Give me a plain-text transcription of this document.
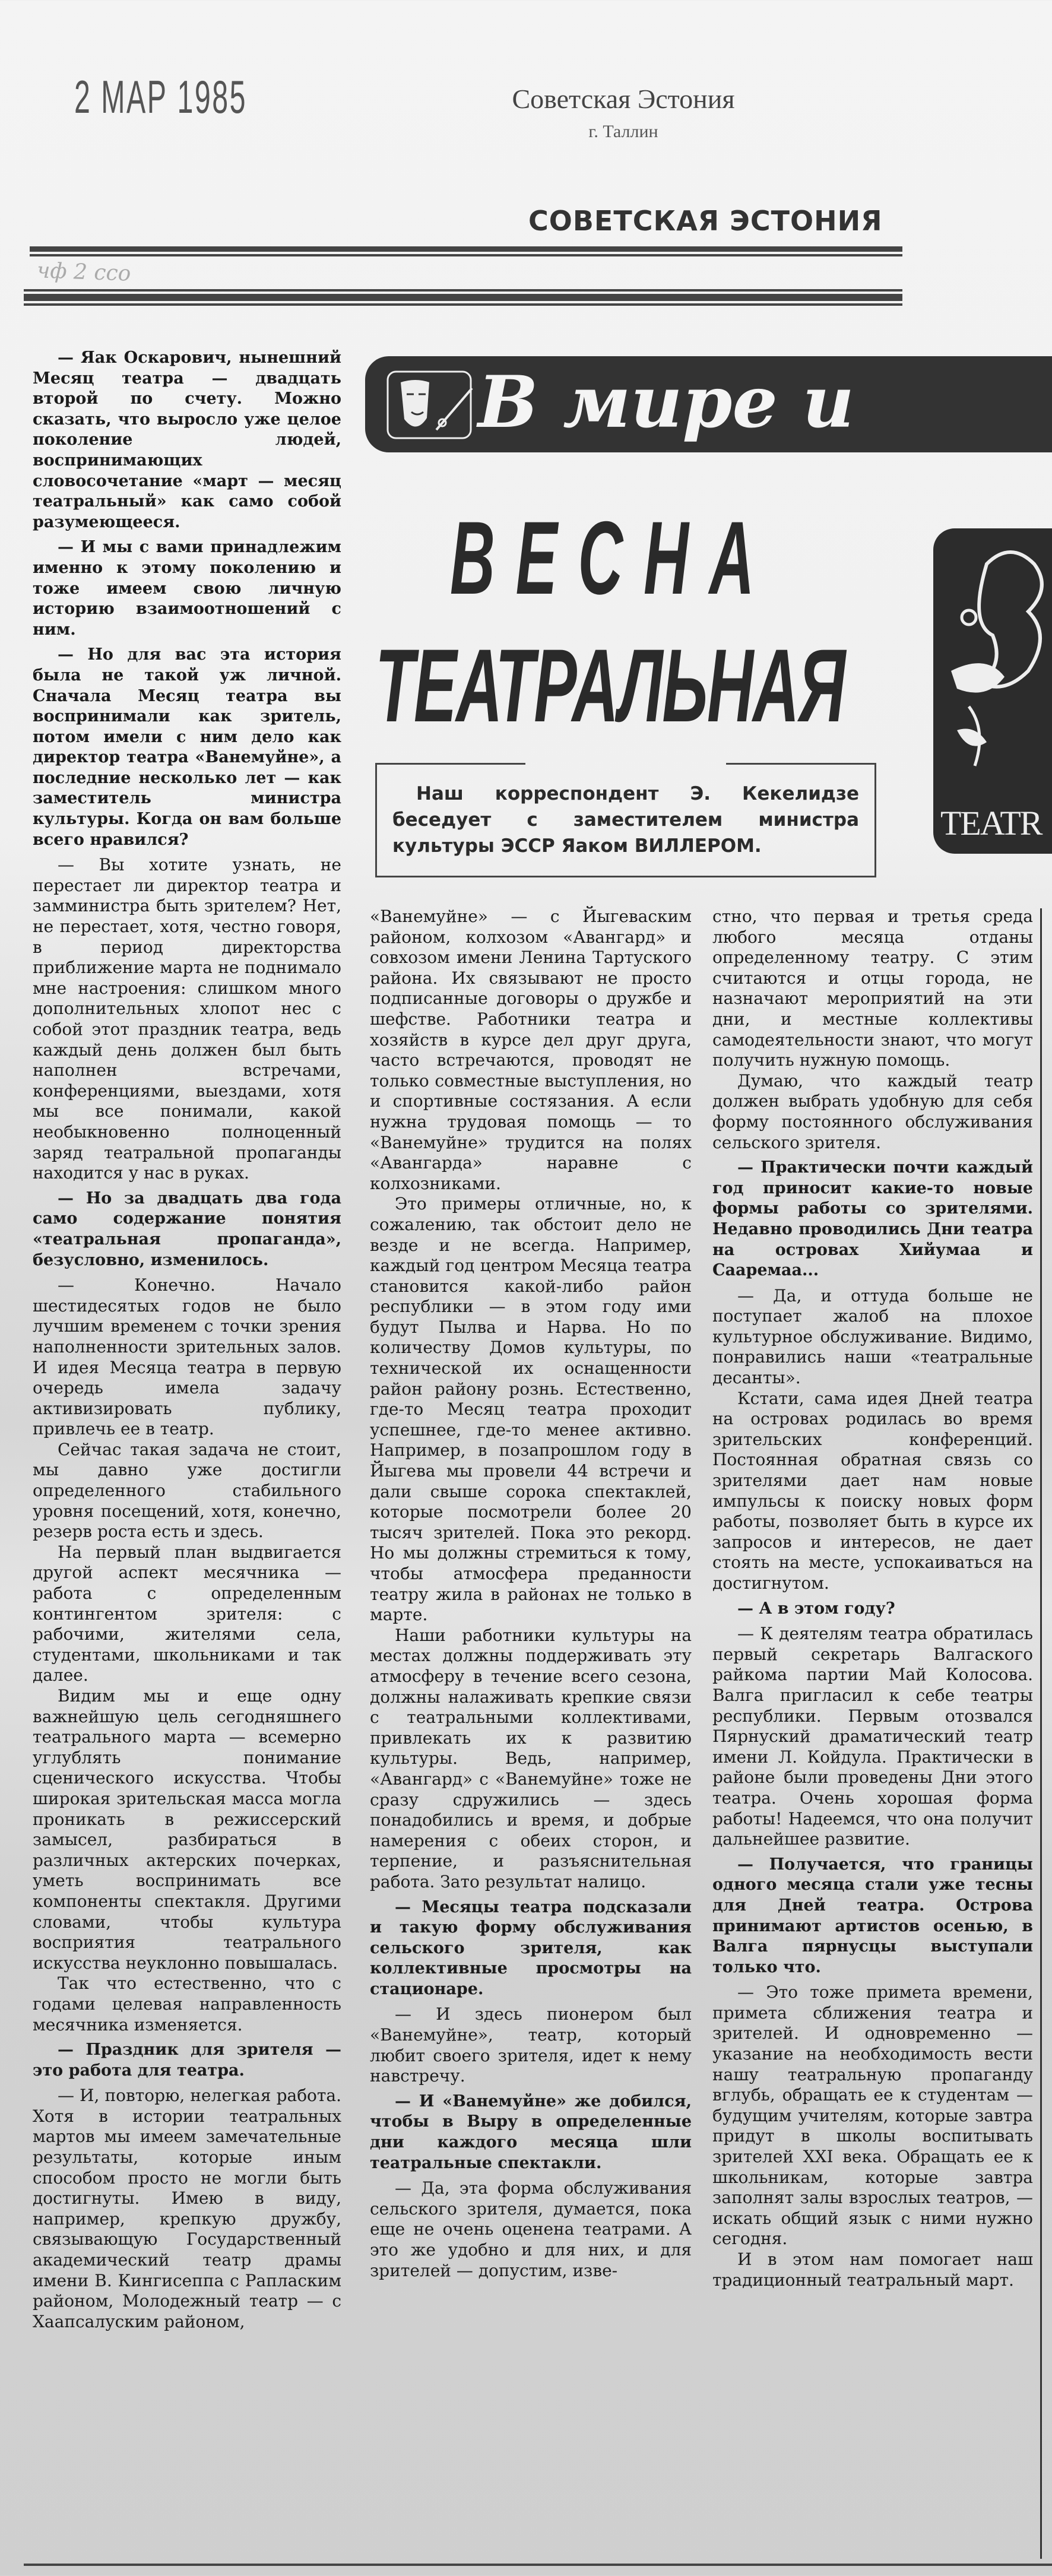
2 МАР 1985	Советская Эстония
г. Таллин
СОВЕТСКАЯ ЭСТОНИЯ
чф 2 ссо
В мире и
ВЕСНА
ТЕАТРАЛЬНАЯ
Наш корреспондент Э. Кекелидзе беседует с заместителем министра культуры ЭССР Яаком ВИЛЛЕРОМ.
TEATR

— Яак Оскарович, нынешний Месяц театра — двадцать второй по счету. Можно сказать, что выросло уже целое поколение людей, воспринимающих словосочетание «март — месяц театральный» как само собой разумеющееся.

— И мы с вами принадлежим именно к этому поколению и тоже имеем свою личную историю взаимоотношений с ним.

— Но для вас эта история была не такой уж личной. Сначала Месяц театра вы воспринимали как зритель, потом имели с ним дело как директор театра «Ванемуйне», а последние несколько лет — как заместитель министра культуры. Когда он вам больше всего нравился?

— Вы хотите узнать, не перестает ли директор театра и замминистра быть зрителем? Нет, не перестает, хотя, честно говоря, в период директорства приближение марта не поднимало мне настроения: слишком много дополнительных хлопот нес с собой этот праздник театра, ведь каждый день должен был быть наполнен встречами, конференциями, выездами, хотя мы все понимали, какой необыкновенно полноценный заряд театральной пропаганды находится у нас в руках.

— Но за двадцать два года само содержание понятия «театральная пропаганда», безусловно, изменилось.

— Конечно. Начало шестидесятых годов не было лучшим временем с точки зрения наполненности зрительных залов. И идея Месяца театра в первую очередь имела задачу активизировать публику, привлечь ее в театр.

Сейчас такая задача не стоит, мы давно уже достигли определенного стабильного уровня посещений, хотя, конечно, резерв роста есть и здесь.

На первый план выдвигается другой аспект месячника — работа с определенным контингентом зрителя: с рабочими, жителями села, студентами, школьниками и так далее.

Видим мы и еще одну важнейшую цель сегодняшнего театрального марта — всемерно углублять понимание сценического искусства. Чтобы широкая зрительская масса могла проникать в режиссерский замысел, разбираться в различных актерских почерках, уметь воспринимать все компоненты спектакля. Другими словами, чтобы культура восприятия театрального искусства неуклонно повышалась.

Так что естественно, что с годами целевая направленность месячника изменяется.

— Праздник для зрителя — это работа для театра.

— И, повторю, нелегкая работа. Хотя в истории театральных мартов мы имеем замечательные результаты, которые иным способом просто не могли быть достигнуты. Имею в виду, например, крепкую дружбу, связывающую Государственный академический театр драмы имени В. Кингисеппа с Рапласким районом, Молодежный театр — с Хаапсалуским районом,

«Ванемуйне» — с Йыгеваским районом, колхозом «Авангард» и совхозом имени Ленина Тартуского района. Их связывают не просто подписанные договоры о дружбе и шефстве. Работники театра и хозяйств в курсе дел друг друга, часто встречаются, проводят не только совместные выступления, но и спортивные состязания. А если нужна трудовая помощь — то «Ванемуйне» трудится на полях «Авангарда» наравне с колхозниками.

Это примеры отличные, но, к сожалению, так обстоит дело не везде и не всегда. Например, каждый год центром Месяца театра становится какой-либо район республики — в этом году ими будут Пылва и Нарва. Но по количеству Домов культуры, по технической их оснащенности район району рознь. Естественно, где-то Месяц театра проходит успешнее, где-то менее активно. Например, в позапрошлом году в Йыгева мы провели 44 встречи и дали свыше сорока спектаклей, которые посмотрели более 20 тысяч зрителей. Пока это рекорд. Но мы должны стремиться к тому, чтобы атмосфера преданности театру жила в районах не только в марте.

Наши работники культуры на местах должны поддерживать эту атмосферу в течение всего сезона, должны налаживать крепкие связи с театральными коллективами, привлекать их к развитию культуры. Ведь, например, «Авангард» с «Ванемуйне» тоже не сразу сдружились — здесь понадобились и время, и добрые намерения с обеих сторон, и терпение, и разъяснительная работа. Зато результат налицо.

— Месяцы театра подсказали и такую форму обслуживания сельского зрителя, как коллективные просмотры на стационаре.

— И здесь пионером был «Ванемуйне», театр, который любит своего зрителя, идет к нему навстречу.

— И «Ванемуйне» же добился, чтобы в Выру в определенные дни каждого месяца шли театральные спектакли.

— Да, эта форма обслуживания сельского зрителя, думается, пока еще не очень оценена театрами. А это же удобно и для них, и для зрителей — допустим, изве-

стно, что первая и третья среда любого месяца отданы определенному театру. С этим считаются и отцы города, не назначают мероприятий на эти дни, и местные коллективы самодеятельности знают, что могут получить нужную помощь.

Думаю, что каждый театр должен выбрать удобную для себя форму постоянного обслуживания сельского зрителя.

— Практически почти каждый год приносит какие-то новые формы работы со зрителями. Недавно проводились Дни театра на островах Хийумаа и Сааремаа...

— Да, и оттуда больше не поступает жалоб на плохое культурное обслуживание. Видимо, понравились наши «театральные десанты».

Кстати, сама идея Дней театра на островах родилась во время зрительских конференций. Постоянная обратная связь со зрителями дает нам новые импульсы к поиску новых форм работы, позволяет быть в курсе их запросов и интересов, не дает стоять на месте, успокаиваться на достигнутом.

— А в этом году?

— К деятелям театра обратилась первый секретарь Валгаского райкома партии Май Колосова. Валга пригласил к себе театры республики. Первым отозвался Пярнуский драматический театр имени Л. Койдула. Практически в районе были проведены Дни этого театра. Очень хорошая форма работы! Надеемся, что она получит дальнейшее развитие.

— Получается, что границы одного месяца стали уже тесны для Дней театра. Острова принимают артистов осенью, в Валга пярнусцы выступали только что.

— Это тоже примета времени, примета сближения театра и зрителей. И одновременно — указание на необходимость вести нашу театральную пропаганду вглубь, обращать ее к студентам — будущим учителям, которые завтра придут в школы воспитывать зрителей XXI века. Обращать ее к школьникам, которые завтра заполнят залы взрослых театров, — искать общий язык с ними нужно сегодня.

И в этом нам помогает наш традиционный театральный март.
